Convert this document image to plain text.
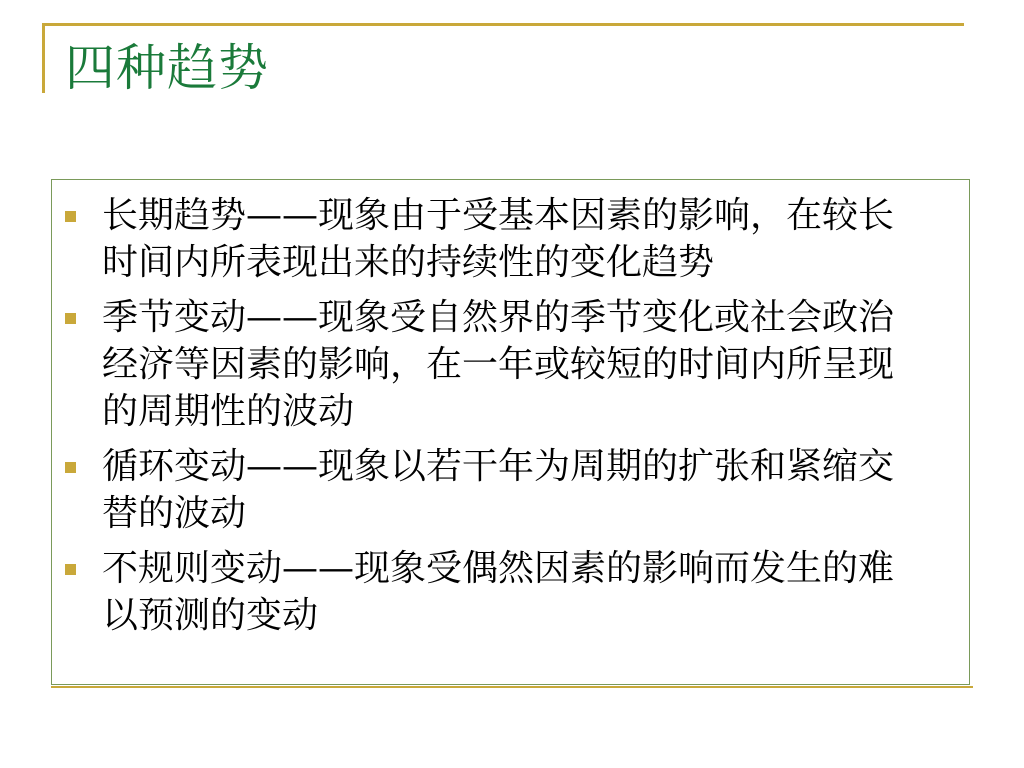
四种趋势
长期趋势——现象由于受基本因素的影响，在较长时间内所表现出来的持续性的变化趋势
季节变动——现象受自然界的季节变化或社会政治经济等因素的影响，在一年或较短的时间内所呈现的周期性的波动
循环变动——现象以若干年为周期的扩张和紧缩交替的波动
不规则变动——现象受偶然因素的影响而发生的难以预测的变动
